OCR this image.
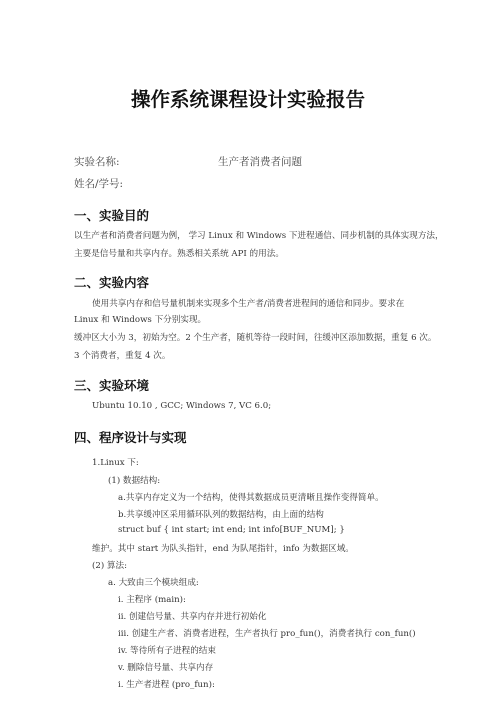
操作系统课程设计实验报告
实验名称:	生产者消费者问题
姓名/学号:
一、实验目的
以生产者和消费者问题为例， 学习 Linux 和 Windows 下进程通信、同步机制的具体实现方法，
主要是信号量和共享内存。熟悉相关系统 API 的用法。
二、实验内容
使用共享内存和信号量机制来实现多个生产者/消费者进程间的通信和同步。要求在
Linux 和 Windows 下分别实现。
缓冲区大小为 3，初始为空。2 个生产者，随机等待一段时间，往缓冲区添加数据，重复 6 次。
3 个消费者，重复 4 次。
三、实验环境
Ubuntu 10.10 , GCC; Windows 7, VC 6.0;
四、程序设计与实现
1.Linux 下:
(1) 数据结构:
a.共享内存定义为一个结构，使得其数据成员更清晰且操作变得简单。
b.共享缓冲区采用循环队列的数据结构，由上面的结构
struct buf { int start; int end; int info[BUF_NUM]; }
维护。其中 start 为队头指针，end 为队尾指针，info 为数据区域。
(2) 算法:
a. 大致由三个模块组成:
i. 主程序 (main):
ii. 创建信号量、共享内存并进行初始化
iii. 创建生产者、消费者进程，生产者执行 pro_fun()，消费者执行 con_fun()
iv. 等待所有子进程的结束
v. 删除信号量、共享内存
i. 生产者进程 (pro_fun):
